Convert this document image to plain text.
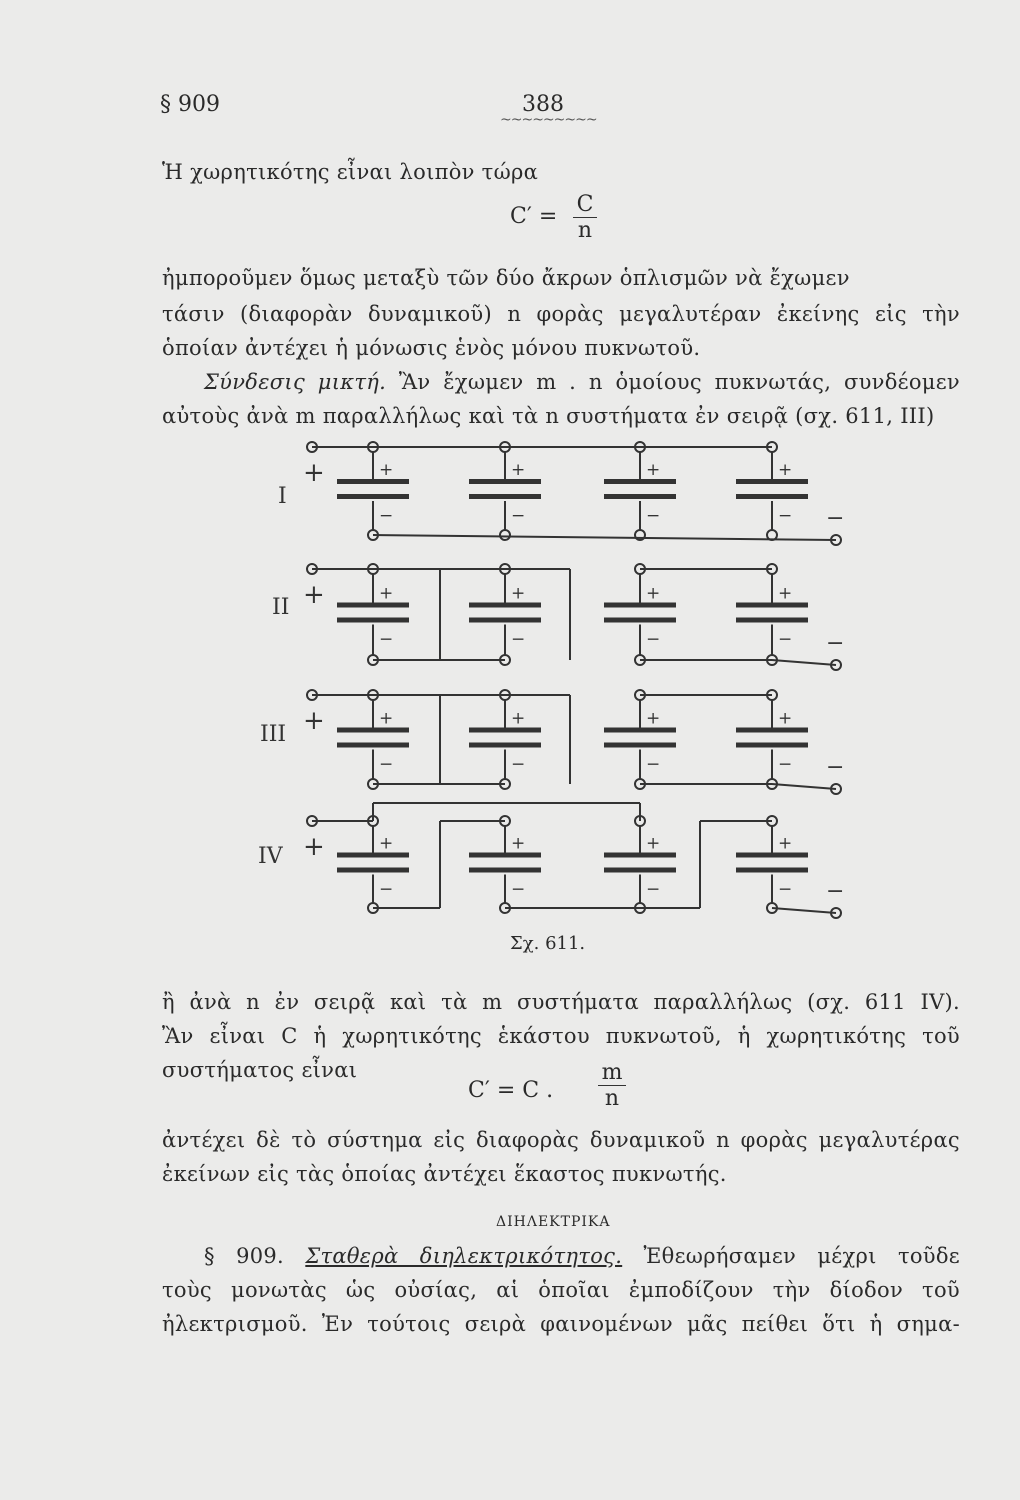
§ 909	388
~~~~~~~~~
Ἡ χωρητικότης εἶναι λοιπὸν τώρα
C′ = C
n
ἠμποροῦμεν ὅμως μεταξὺ τῶν δύο ἄκρων ὁπλισμῶν νὰ ἔχωμεν
τάσιν (διαφορὰν δυναμικοῦ) n φορὰς μεγαλυτέραν ἐκείνης εἰς τὴν
ὁποίαν ἀντέχει ἡ μόνωσις ἑνὸς μόνου πυκνωτοῦ.
Σύνδεσις μικτή. Ἂν ἔχωμεν m . n ὁμοίους πυκνωτάς, συνδέομεν
αὐτοὺς ἀνὰ m παραλλήλως καὶ τὰ n συστήματα ἐν σειρᾷ (σχ. 611, III)
+
−
+
−
+
−
+
−
+
−
+
−
+
−
+
−
+
−
+
−
+
−
+
−
+
−
+
−
+
−
+
−
+
−
+
−
+
−
+
−
I
II
III
IV
Σχ. 611.
ἢ ἀνὰ n ἐν σειρᾷ καὶ τὰ m συστήματα παραλλήλως (σχ. 611 IV).
Ἂν εἶναι C ἡ χωρητικότης ἑκάστου πυκνωτοῦ, ἡ χωρητικότης τοῦ
συστήματος εἶναι
C′ = C .
m
n
ἀντέχει δὲ τὸ σύστημα εἰς διαφορὰς δυναμικοῦ n φορὰς μεγαλυτέρας
ἐκείνων εἰς τὰς ὁποίας ἀντέχει ἕκαστος πυκνωτής.
ΔΙΗΛΕΚΤΡΙΚΑ
§ 909. Σταθερὰ διηλεκτρικότητος. Ἐθεωρήσαμεν μέχρι τοῦδε
τοὺς μονωτὰς ὡς οὐσίας, αἱ ὁποῖαι ἐμποδίζουν τὴν δίοδον τοῦ
ἠλεκτρισμοῦ. Ἐν τούτοις σειρὰ φαινομένων μᾶς πείθει ὅτι ἡ σημα-
